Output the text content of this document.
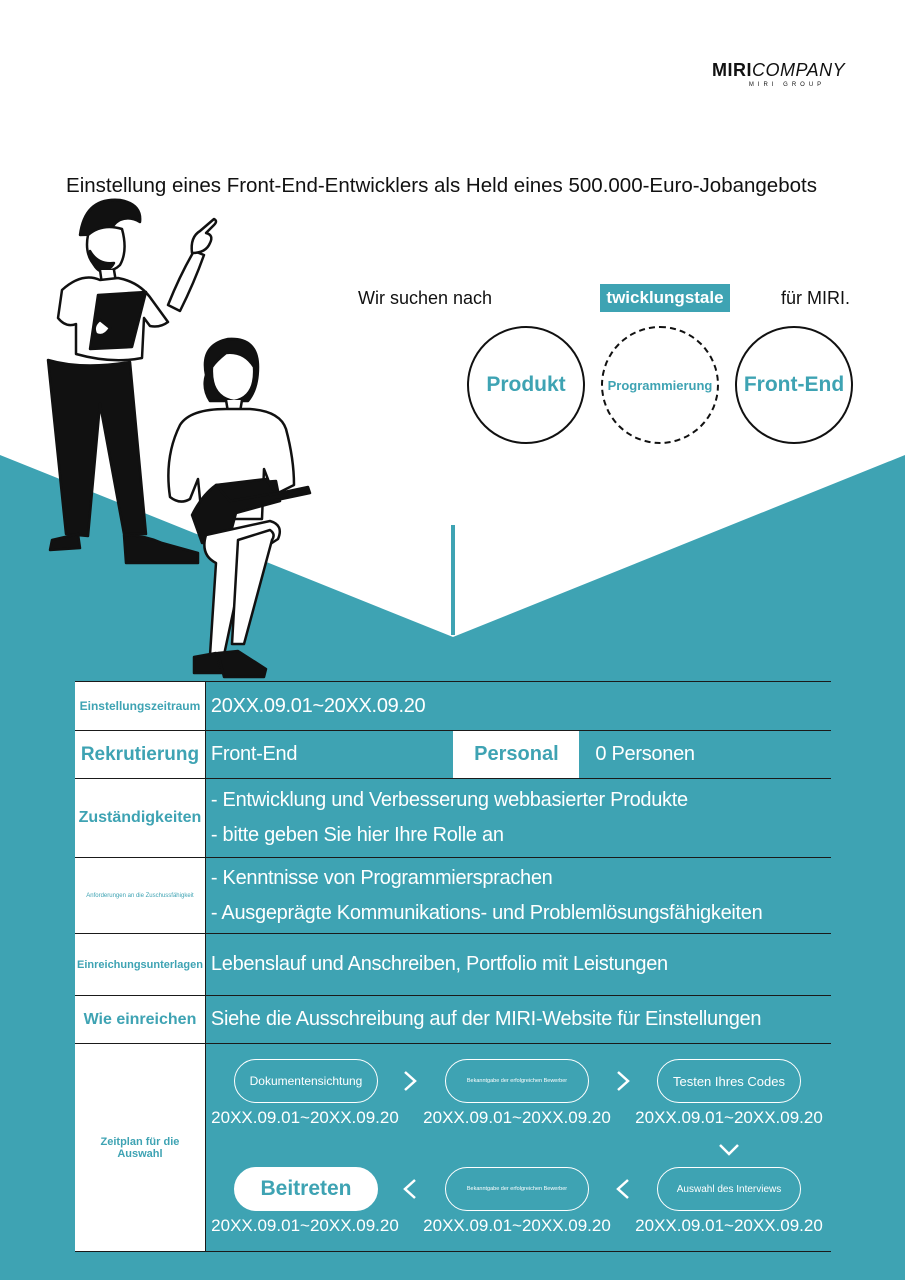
MIRICOMPANY
MIRI GROUP
Einstellung eines Front-End-Entwicklers als Held eines 500.000-Euro-Jobangebots
Wir suchen nach	twicklungstale	für MIRI.
Produkt	Programmierung	Front-End
Einstellungszeitraum	20XX.09.01~20XX.09.20		
Rekrutierung	Front-End	Personal	0 Personen
Zuständigkeiten	- Entwicklung und Verbesserung webbasierter Produkte
- bitte geben Sie hier Ihre Rolle an		

Anforderungen an die Zuschussfähigkeit	- Kenntnisse von Programmiersprachen
- Ausgeprägte Kommunikations- und Problemlösungsfähigkeiten		

Einreichungsunterlagen	Lebenslauf und Anschreiben, Portfolio mit Leistungen		
Wie einreichen	Siehe die Ausschreibung auf der MIRI-Website für Einstellungen		
Zeitplan für die Auswahl			
Dokumentensichtung
20XX.09.01~20XX.09.20
Bekanntgabe der erfolgreichen Bewerber
20XX.09.01~20XX.09.20
Testen Ihres Codes
20XX.09.01~20XX.09.20
Auswahl des Interviews
20XX.09.01~20XX.09.20
Bekanntgabe der erfolgreichen Bewerber
20XX.09.01~20XX.09.20
Beitreten
20XX.09.01~20XX.09.20
